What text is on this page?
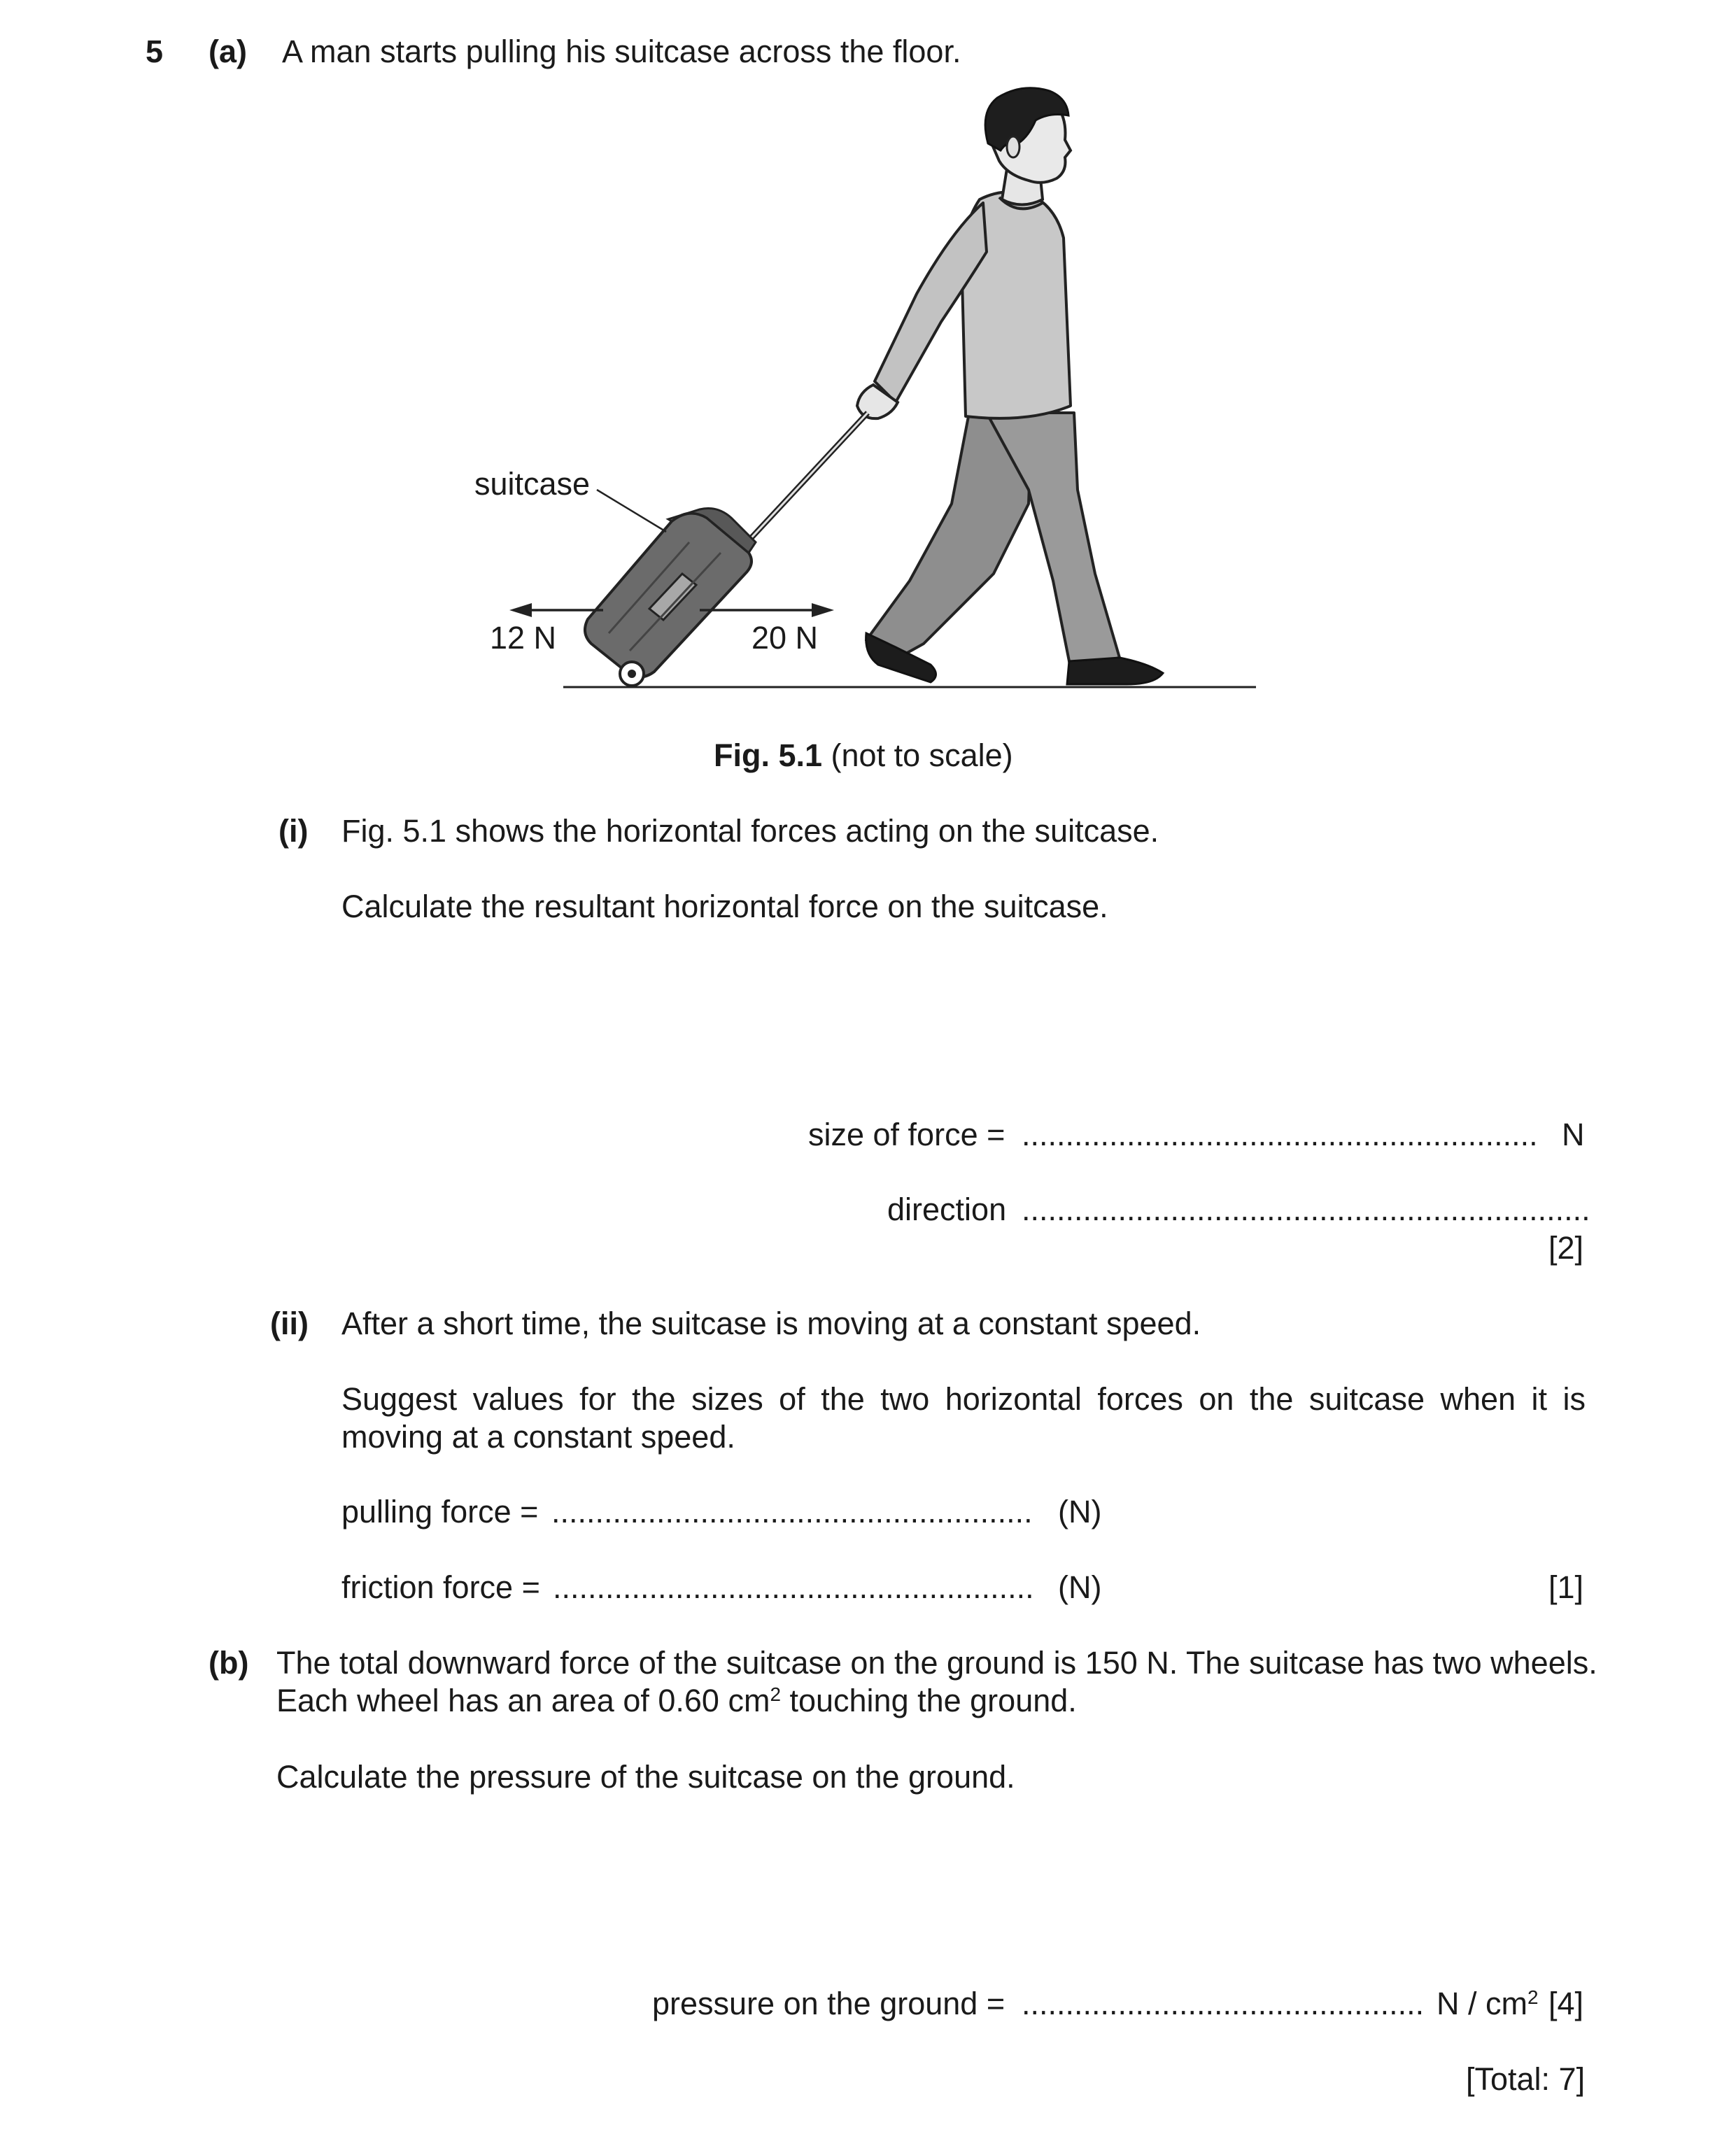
5 (a) A man starts pulling his suitcase across the floor.
suitcase
12 N	20 N
Fig. 5.1 (not to scale)
(i) Fig. 5.1 shows the horizontal forces acting on the suitcase.
Calculate the resultant horizontal force on the suitcase.
size of force = ........................................................... N
direction .................................................................
[2]
(ii) After a short time, the suitcase is moving at a constant speed.
Suggest values for the sizes of the two horizontal forces on the suitcase when it is
moving at a constant speed.
pulling force = ....................................................... (N)
friction force = ....................................................... (N)	[1]
(b) The total downward force of the suitcase on the ground is 150 N. The suitcase has two wheels.
Each wheel has an area of 0.60 $cm^2$ touching the ground.
Calculate the pressure of the suitcase on the ground.
pressure on the ground = .............................................. N / $cm^2$ [4]
[Total: 7]
